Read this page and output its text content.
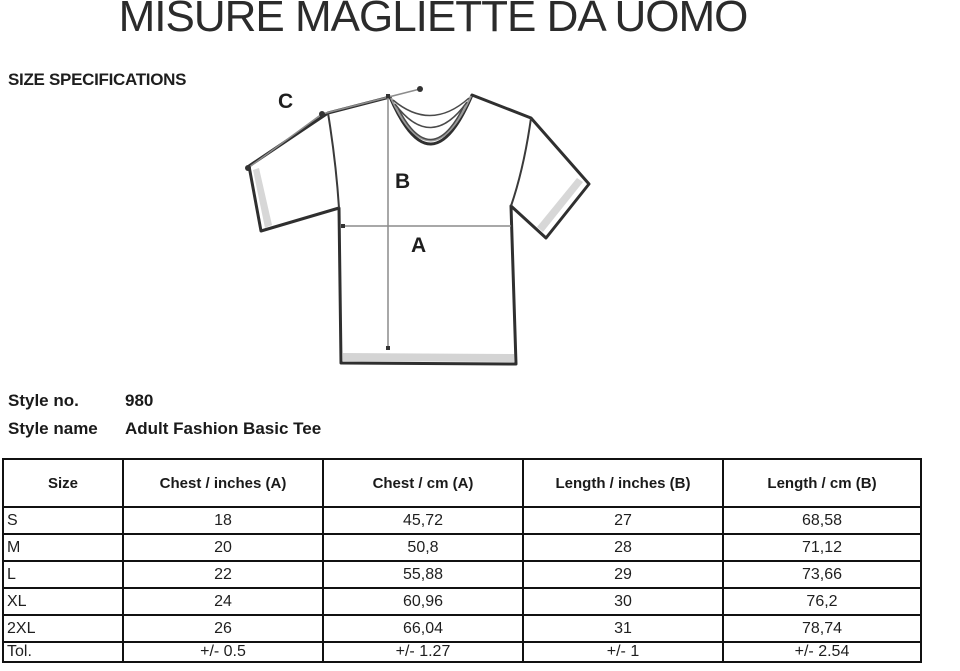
MISURE MAGLIETTE DA UOMO
SIZE SPECIFICATIONS
C
B
A
Style no.	980
Style name	Adult Fashion Basic Tee
Size	Chest / inches (A)	Chest / cm (A)	Length / inches (B)	Length / cm (B)
S	18	45,72	27	68,58
M	20	50,8	28	71,12
L	22	55,88	29	73,66
XL	24	60,96	30	76,2
2XL	26	66,04	31	78,74
Tol.	+/- 0.5	+/- 1.27	+/- 1	+/- 2.54
